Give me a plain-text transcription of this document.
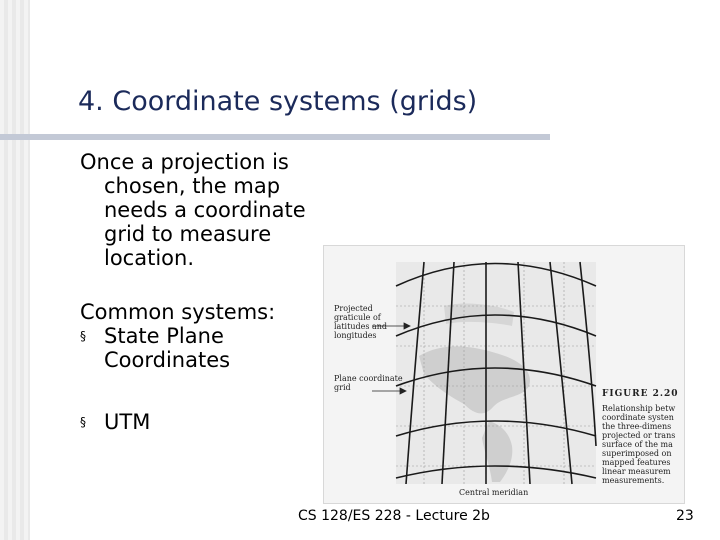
4. Coordinate systems (grids)

Once a projection is
chosen, the map
needs a coordinate
grid to measure
location.

Common systems:
§ State Plane
Coordinates
§ UTM
Projected
graticule of
latitudes and
longitudes
Plane coordinate
grid
Central meridian
FIGURE 2.20
Relationship betw
coordinate systen
the three-dimens
projected or trans
surface of the ma
superimposed on
mapped features
linear measurem
measurements.
CS 128/ES 228 - Lecture 2b	23
